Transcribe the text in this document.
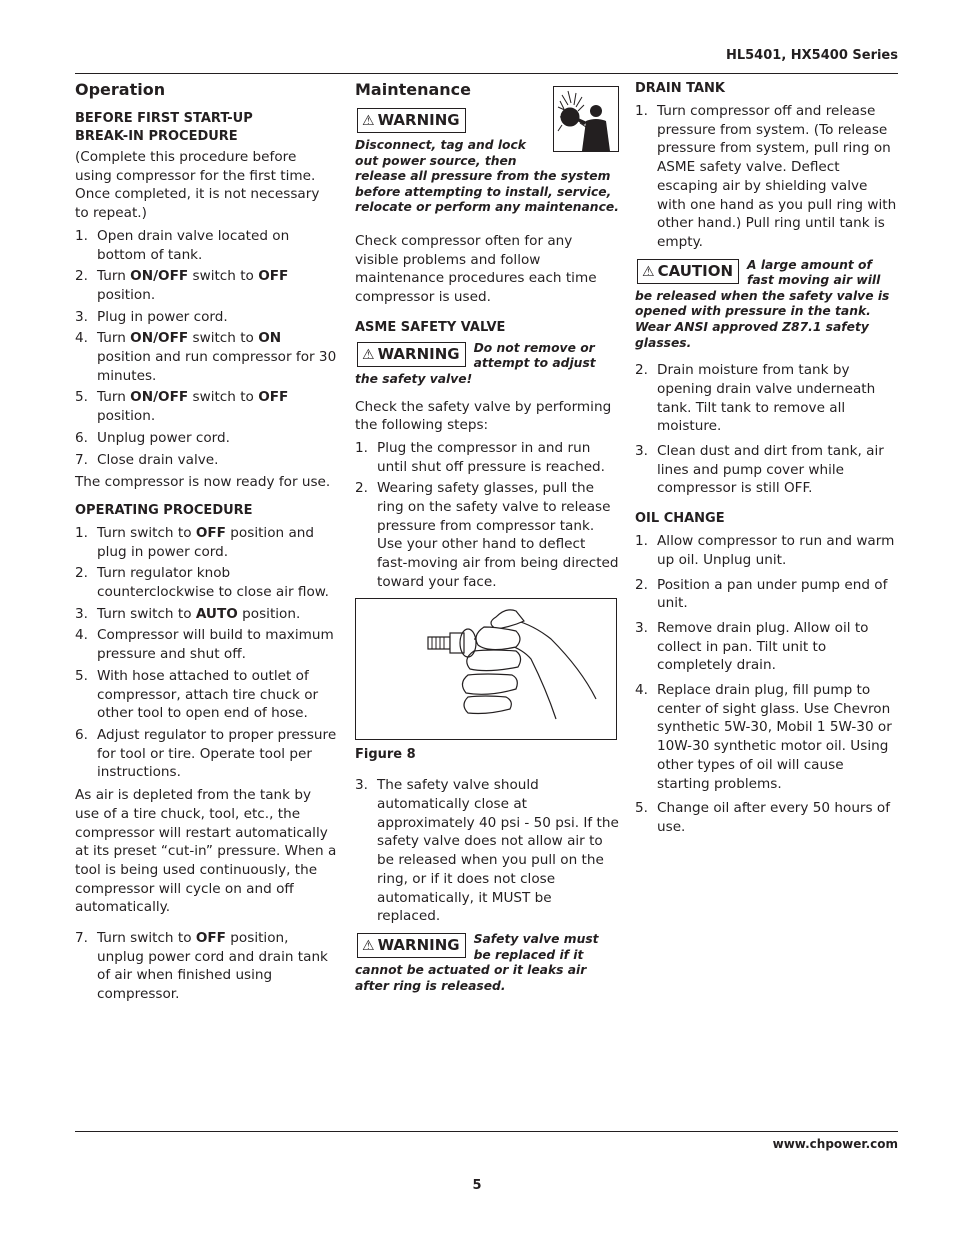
HL5401, HX5400 Series
Operation
BEFORE FIRST START-UP
BREAK-IN PROCEDURE

(Complete this procedure before using compressor for the first time. Once completed, it is not necessary to repeat.)

1. Open drain valve located on bottom of tank.
2. Turn ON/OFF switch to OFF position.
3. Plug in power cord.
4. Turn ON/OFF switch to ON position and run compressor for 30 minutes.
5. Turn ON/OFF switch to OFF position.
6. Unplug power cord.
7. Close drain valve.

The compressor is now ready for use.

OPERATING PROCEDURE
1. Turn switch to OFF position and plug in power cord.
2. Turn regulator knob counterclockwise to close air flow.
3. Turn switch to AUTO position.
4. Compressor will build to maximum pressure and shut off.
5. With hose attached to outlet of compressor, attach tire chuck or other tool to open end of hose.
6. Adjust regulator to proper pressure for tool or tire. Operate tool per instructions.

As air is depleted from the tank by use of a tire chuck, tool, etc., the compressor will restart automatically at its preset “cut-in” pressure. When a tool is being used continuously, the compressor will cycle on and off automatically.

7. Turn switch to OFF position, unplug power cord and drain tank of air when finished using compressor.
Maintenance
⚠ WARNING

Disconnect, tag and lock out power source, then release all pressure from the system before attempting to install, service, relocate or perform any maintenance.

Check compressor often for any visible problems and follow maintenance procedures each time compressor is used.

ASME SAFETY VALVE
⚠ WARNING	Do not remove or attempt to adjust the safety valve!

Check the safety valve by performing the following steps:

1. Plug the compressor in and run until shut off pressure is reached.
2. Wearing safety glasses, pull the ring on the safety valve to release pressure from compressor tank. Use your other hand to deflect fast-moving air from being directed toward your face.
Figure 8
3. The safety valve should automatically close at approximately 40 psi - 50 psi. If the safety valve does not allow air to be released when you pull on the ring, or if it does not close automatically, it MUST be replaced.
⚠ WARNING	Safety valve must be replaced if it cannot be actuated or it leaks air after ring is released.
DRAIN TANK
1. Turn compressor off and release pressure from system. (To release pressure from system, pull ring on ASME safety valve. Deflect escaping air by shielding valve with one hand as you pull ring with other hand.) Pull ring until tank is empty.
⚠ CAUTION	A large amount of fast moving air will be released when the safety valve is opened with pressure in the tank. Wear ANSI approved Z87.1 safety glasses.
2. Drain moisture from tank by opening drain valve underneath tank. Tilt tank to remove all moisture.
3. Clean dust and dirt from tank, air lines and pump cover while compressor is still OFF.
OIL CHANGE
1. Allow compressor to run and warm up oil. Unplug unit.
2. Position a pan under pump end of unit.
3. Remove drain plug. Allow oil to collect in pan. Tilt unit to completely drain.
4. Replace drain plug, fill pump to center of sight glass. Use Chevron synthetic 5W-30, Mobil 1 5W-30 or 10W-30 synthetic motor oil. Using other types of oil will cause starting problems.
5. Change oil after every 50 hours of use.
www.chpower.com
5
